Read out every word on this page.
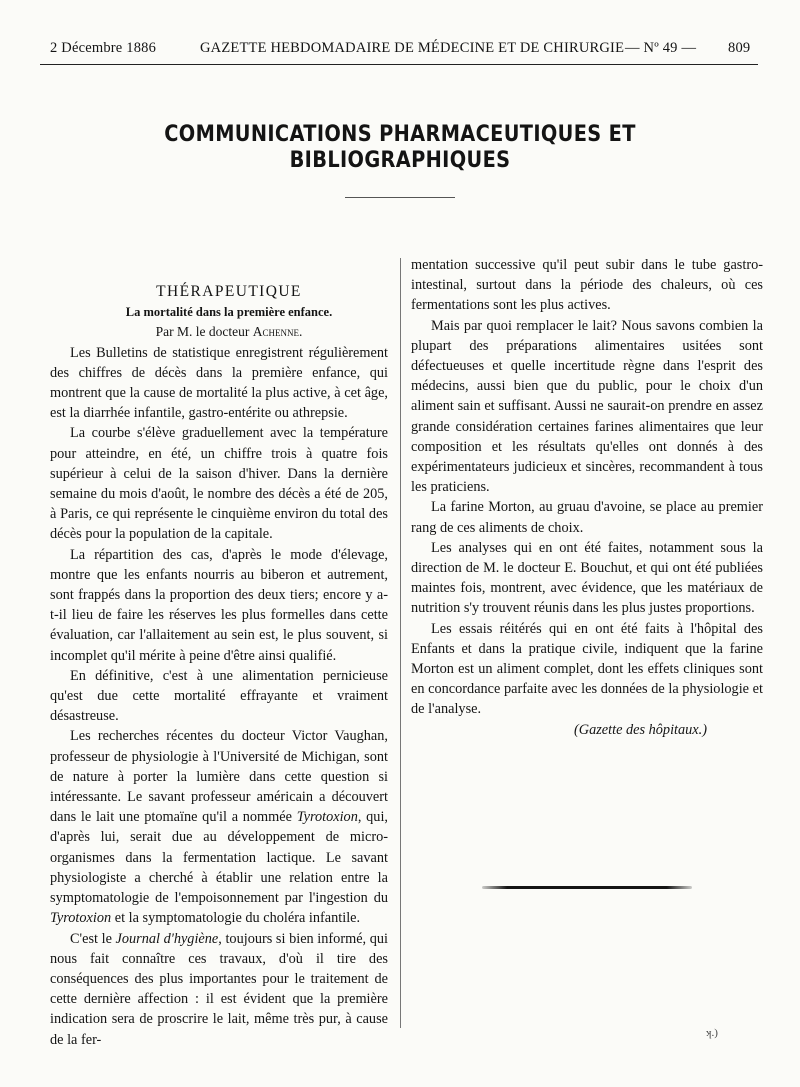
2 Décembre 1886	GAZETTE HEBDOMADAIRE DE MÉDECINE ET DE CHIRURGIE — Nº 49 — 809
COMMUNICATIONS PHARMACEUTIQUES ET BIBLIOGRAPHIQUES

THÉRAPEUTIQUE

La mortalité dans la première enfance.

Par M. le docteur Achenne.

Les Bulletins de statistique enregistrent régulièrement des chiffres de décès dans la première enfance, qui montrent que la cause de mortalité la plus active, à cet âge, est la diarrhée infantile, gastro-entérite ou athrepsie.

La courbe s'élève graduellement avec la température pour atteindre, en été, un chiffre trois à quatre fois supérieur à celui de la saison d'hiver. Dans la dernière semaine du mois d'août, le nombre des décès a été de 205, à Paris, ce qui représente le cinquième environ du total des décès pour la population de la capitale.

La répartition des cas, d'après le mode d'élevage, montre que les enfants nourris au biberon et autrement, sont frappés dans la proportion des deux tiers; encore y a-t-il lieu de faire les réserves les plus formelles dans cette évaluation, car l'allaitement au sein est, le plus souvent, si incomplet qu'il mérite à peine d'être ainsi qualifié.

En définitive, c'est à une alimentation pernicieuse qu'est due cette mortalité effrayante et vraiment désastreuse.

Les recherches récentes du docteur Victor Vaughan, professeur de physiologie à l'Université de Michigan, sont de nature à porter la lumière dans cette question si intéressante. Le savant professeur américain a découvert dans le lait une ptomaïne qu'il a nommée Tyrotoxion, qui, d'après lui, serait due au développement de micro-organismes dans la fermentation lactique. Le savant physiologiste a cherché à établir une relation entre la symptomatologie de l'empoisonnement par l'ingestion du Tyrotoxion et la symptomatologie du choléra infantile.

C'est le Journal d'hygiène, toujours si bien informé, qui nous fait connaître ces travaux, d'où il tire des conséquences des plus importantes pour le traitement de cette dernière affection : il est évident que la première indication sera de proscrire le lait, même très pur, à cause de la fer-

mentation successive qu'il peut subir dans le tube gastro-intestinal, surtout dans la période des chaleurs, où ces fermentations sont les plus actives.

Mais par quoi remplacer le lait? Nous savons combien la plupart des préparations alimentaires usitées sont défectueuses et quelle incertitude règne dans l'esprit des médecins, aussi bien que du public, pour le choix d'un aliment sain et suffisant. Aussi ne saurait-on prendre en assez grande considération certaines farines alimentaires que leur composition et les résultats qu'elles ont donnés à des expérimentateurs judicieux et sincères, recommandent à tous les praticiens.

La farine Morton, au gruau d'avoine, se place au premier rang de ces aliments de choix.

Les analyses qui en ont été faites, notamment sous la direction de M. le docteur E. Bouchut, et qui ont été publiées maintes fois, montrent, avec évidence, que les matériaux de nutrition s'y trouvent réunis dans les plus justes proportions.

Les essais réitérés qui en ont été faits à l'hôpital des Enfants et dans la pratique civile, indiquent que la farine Morton est un aliment complet, dont les effets cliniques sont en concordance parfaite avec les données de la physiologie et de l'analyse.

(Gazette des hôpitaux.)

ʞ.)
